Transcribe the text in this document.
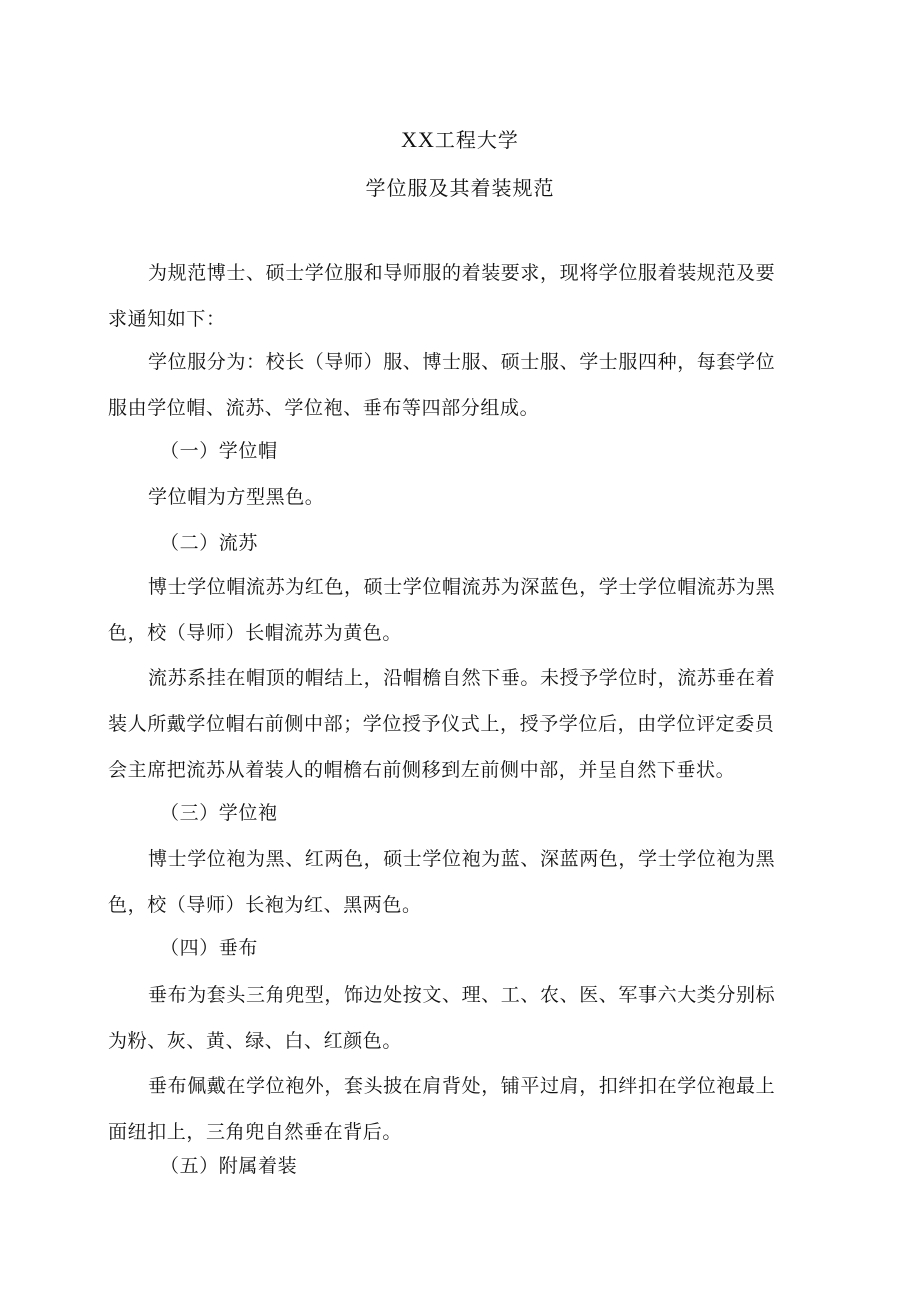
XX工程大学
学位服及其着装规范
为规范博士、硕士学位服和导师服的着装要求，现将学位服着装规范及要
求通知如下：
学位服分为：校长（导师）服、博士服、硕士服、学士服四种，每套学位
服由学位帽、流苏、学位袍、垂布等四部分组成。
（一）学位帽
学位帽为方型黑色。
（二）流苏
博士学位帽流苏为红色，硕士学位帽流苏为深蓝色，学士学位帽流苏为黑
色，校（导师）长帽流苏为黄色。
流苏系挂在帽顶的帽结上，沿帽檐自然下垂。未授予学位时，流苏垂在着
装人所戴学位帽右前侧中部；学位授予仪式上，授予学位后，由学位评定委员
会主席把流苏从着装人的帽檐右前侧移到左前侧中部，并呈自然下垂状。
（三）学位袍
博士学位袍为黑、红两色，硕士学位袍为蓝、深蓝两色，学士学位袍为黑
色，校（导师）长袍为红、黑两色。
（四）垂布
垂布为套头三角兜型，饰边处按文、理、工、农、医、军事六大类分别标
为粉、灰、黄、绿、白、红颜色。
垂布佩戴在学位袍外，套头披在肩背处，铺平过肩，扣绊扣在学位袍最上
面纽扣上，三角兜自然垂在背后。
（五）附属着装
